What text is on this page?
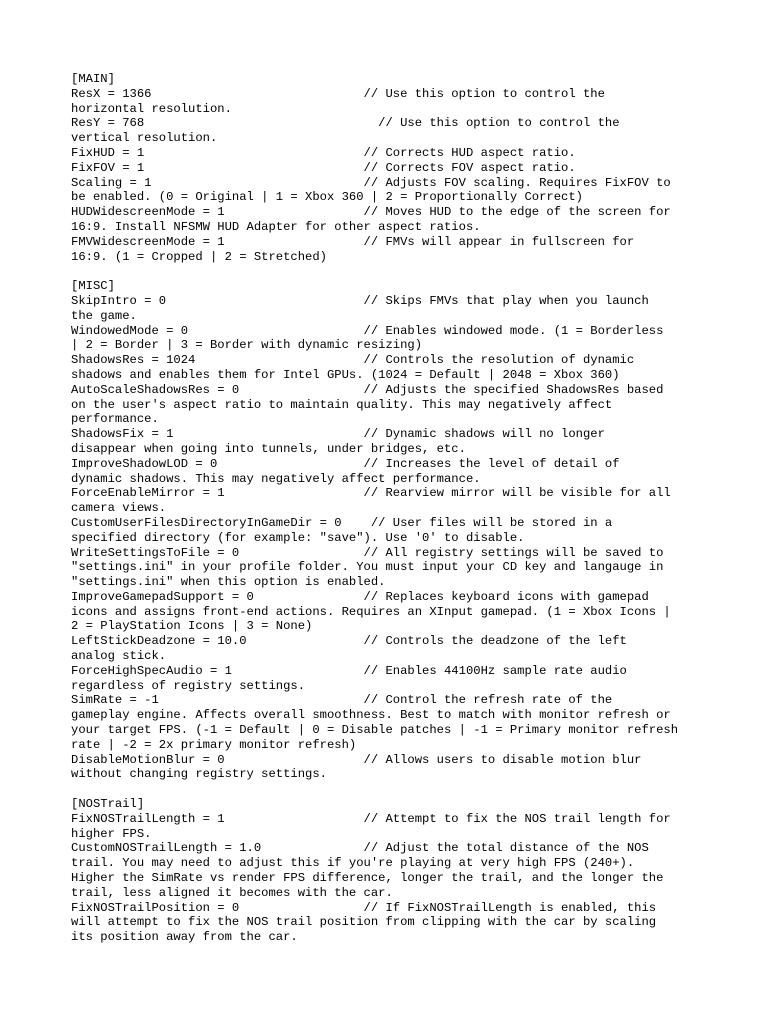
[MAIN]
ResX = 1366                             // Use this option to control the
horizontal resolution.
ResY = 768                                // Use this option to control the
vertical resolution.
FixHUD = 1                              // Corrects HUD aspect ratio.
FixFOV = 1                              // Corrects FOV aspect ratio.
Scaling = 1                             // Adjusts FOV scaling. Requires FixFOV to
be enabled. (0 = Original | 1 = Xbox 360 | 2 = Proportionally Correct)
HUDWidescreenMode = 1                   // Moves HUD to the edge of the screen for
16:9. Install NFSMW HUD Adapter for other aspect ratios.
FMVWidescreenMode = 1                   // FMVs will appear in fullscreen for
16:9. (1 = Cropped | 2 = Stretched)
[MISC]
SkipIntro = 0                           // Skips FMVs that play when you launch
the game.
WindowedMode = 0                        // Enables windowed mode. (1 = Borderless
| 2 = Border | 3 = Border with dynamic resizing)
ShadowsRes = 1024                       // Controls the resolution of dynamic
shadows and enables them for Intel GPUs. (1024 = Default | 2048 = Xbox 360)
AutoScaleShadowsRes = 0                 // Adjusts the specified ShadowsRes based
on the user's aspect ratio to maintain quality. This may negatively affect
performance.
ShadowsFix = 1                          // Dynamic shadows will no longer
disappear when going into tunnels, under bridges, etc.
ImproveShadowLOD = 0                    // Increases the level of detail of
dynamic shadows. This may negatively affect performance.
ForceEnableMirror = 1                   // Rearview mirror will be visible for all
camera views.
CustomUserFilesDirectoryInGameDir = 0    // User files will be stored in a
specified directory (for example: "save"). Use '0' to disable.
WriteSettingsToFile = 0                 // All registry settings will be saved to
"settings.ini" in your profile folder. You must input your CD key and langauge in
"settings.ini" when this option is enabled.
ImproveGamepadSupport = 0               // Replaces keyboard icons with gamepad
icons and assigns front-end actions. Requires an XInput gamepad. (1 = Xbox Icons |
2 = PlayStation Icons | 3 = None)
LeftStickDeadzone = 10.0                // Controls the deadzone of the left
analog stick.
ForceHighSpecAudio = 1                  // Enables 44100Hz sample rate audio
regardless of registry settings.
SimRate = -1                            // Control the refresh rate of the
gameplay engine. Affects overall smoothness. Best to match with monitor refresh or
your target FPS. (-1 = Default | 0 = Disable patches | -1 = Primary monitor refresh
rate | -2 = 2x primary monitor refresh)
DisableMotionBlur = 0                   // Allows users to disable motion blur
without changing registry settings.
[NOSTrail]
FixNOSTrailLength = 1                   // Attempt to fix the NOS trail length for
higher FPS.
CustomNOSTrailLength = 1.0              // Adjust the total distance of the NOS
trail. You may need to adjust this if you're playing at very high FPS (240+).
Higher the SimRate vs render FPS difference, longer the trail, and the longer the
trail, less aligned it becomes with the car.
FixNOSTrailPosition = 0                 // If FixNOSTrailLength is enabled, this
will attempt to fix the NOS trail position from clipping with the car by scaling
its position away from the car.
